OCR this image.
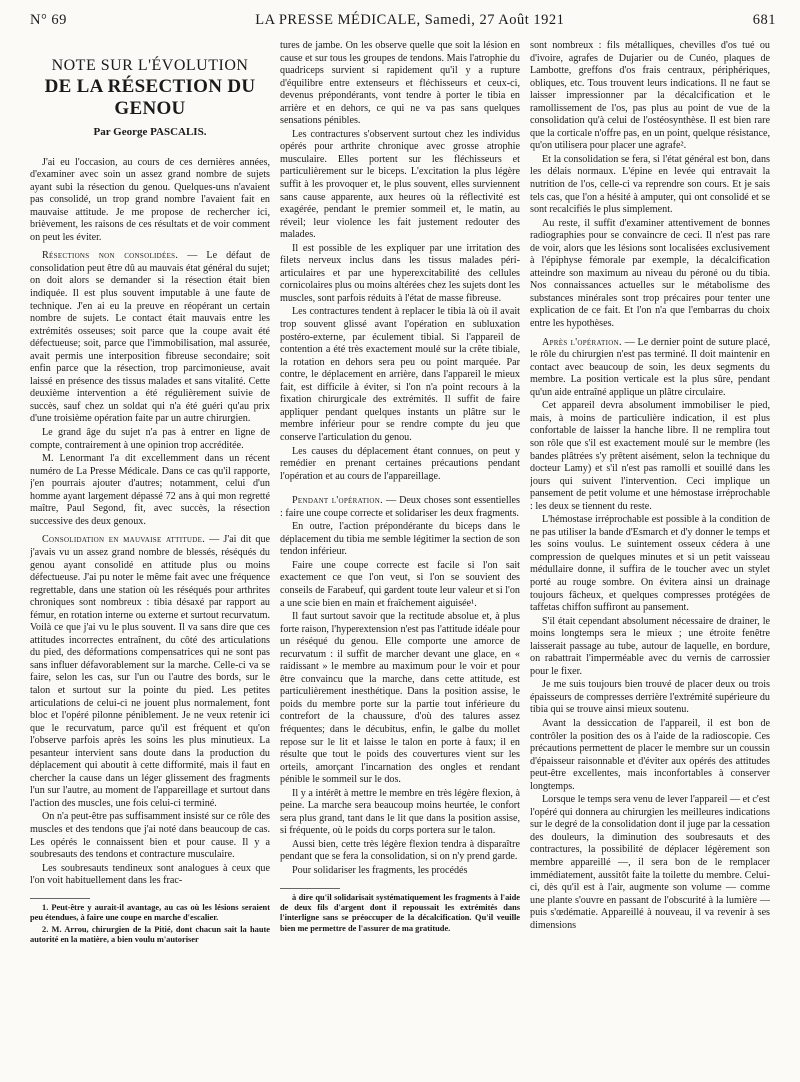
N° 69	LA PRESSE MÉDICALE, Samedi, 27 Août 1921	681
NOTE SUR L'ÉVOLUTION
DE LA RÉSECTION DU GENOU
Par George PASCALIS.

J'ai eu l'occasion, au cours de ces dernières années, d'examiner avec soin un assez grand nombre de sujets ayant subi la résection du genou. Quelques-uns n'avaient pas consolidé, un trop grand nombre l'avaient fait en mauvaise attitude. Je me propose de rechercher ici, brièvement, les raisons de ces résultats et de voir comment on peut les éviter.

Résections non consolidées. — Le défaut de consolidation peut être dû au mauvais état général du sujet; on doit alors se demander si la résection était bien indiquée. Il est plus souvent imputable à une faute de technique. J'en ai eu la preuve en réopérant un certain nombre de sujets. Le contact était mauvais entre les extrémités osseuses; soit parce que la coupe avait été défectueuse; soit, parce que l'immobilisation, mal assurée, avait permis une interposition fibreuse secondaire; soit enfin parce que la résection, trop parcimonieuse, avait laissé en présence des tissus malades et sans vitalité. Cette deuxième intervention a été régulièrement suivie de succès, sauf chez un soldat qui n'a été guéri qu'au prix d'une troisième opération faite par un autre chirurgien.

Le grand âge du sujet n'a pas à entrer en ligne de compte, contrairement à une opinion trop accréditée.

M. Lenormant l'a dit excellemment dans un récent numéro de La Presse Médicale. Dans ce cas qu'il rapporte, j'en pourrais ajouter d'autres; notamment, celui d'un homme ayant largement dépassé 72 ans à qui mon regretté maître, Paul Segond, fit, avec succès, la résection successive des deux genoux.

Consolidation en mauvaise attitude. — J'ai dit que j'avais vu un assez grand nombre de blessés, réséqués du genou ayant consolidé en attitude plus ou moins défectueuse. J'ai pu noter le même fait avec une fréquence regrettable, dans une station où les réséqués pour arthrites chroniques sont nombreux : tibia désaxé par rapport au fémur, en rotation interne ou externe et surtout recurvatum. Voilà ce que j'ai vu le plus souvent. Il va sans dire que ces attitudes incorrectes entraînent, du côté des articulations du pied, des déformations compensatrices qui ne sont pas sans influer défavorablement sur la marche. Celle-ci va se faire, selon les cas, sur l'un ou l'autre des bords, sur le talon et surtout sur la pointe du pied. Les petites articulations de celui-ci ne jouent plus normalement, font bloc et l'opéré pilonne péniblement. Je ne veux retenir ici que le recurvatum, parce qu'il est fréquent et qu'on l'observe parfois après les soins les plus minutieux. La pesanteur intervient sans doute dans la production du déplacement qui aboutit à cette difformité, mais il faut en chercher la cause dans un léger glissement des fragments l'un sur l'autre, au moment de l'appareillage et surtout dans l'action des muscles, une fois celui-ci terminé.

On n'a peut-être pas suffisamment insisté sur ce rôle des muscles et des tendons que j'ai noté dans beaucoup de cas. Les opérés le connaissent bien et pour cause. Il y a soubresauts des tendons et contracture musculaire.

Les soubresauts tendineux sont analogues à ceux que l'on voit habituellement dans les frac-

1. Peut-être y aurait-il avantage, au cas où les lésions seraient peu étendues, à faire une coupe en marche d'escalier.

2. M. Arrou, chirurgien de la Pitié, dont chacun sait la haute autorité en la matière, a bien voulu m'autoriser

tures de jambe. On les observe quelle que soit la lésion en cause et sur tous les groupes de tendons. Mais l'atrophie du quadriceps survient si rapidement qu'il y a rupture d'équilibre entre extenseurs et fléchisseurs et ceux-ci, devenus prépondérants, vont tendre à porter le tibia en arrière et en dehors, ce qui ne va pas sans quelques sensations pénibles.

Les contractures s'observent surtout chez les individus opérés pour arthrite chronique avec grosse atrophie musculaire. Elles portent sur les fléchisseurs et particulièrement sur le biceps. L'excitation la plus légère suffit à les provoquer et, le plus souvent, elles surviennent sans cause apparente, aux heures où la réflectivité est exagérée, pendant le premier sommeil et, le matin, au réveil; leur violence les fait justement redouter des malades.

Il est possible de les expliquer par une irritation des filets nerveux inclus dans les tissus malades péri-articulaires et par une hyperexcitabilité des cellules cornicolaires plus ou moins altérées chez les sujets dont les muscles, sont parfois réduits à l'état de masse fibreuse.

Les contractures tendent à replacer le tibia là où il avait trop souvent glissé avant l'opération en subluxation postéro-externe, par éculement tibial. Si l'appareil de contention a été très exactement moulé sur la crête tibiale, la rotation en dehors sera peu ou point marquée. Par contre, le déplacement en arrière, dans l'appareil le mieux fait, est difficile à éviter, si l'on n'a point recours à la fixation chirurgicale des extrémités. Il suffit de faire appliquer pendant quelques instants un plâtre sur le membre inférieur pour se rendre compte du jeu que conserve l'articulation du genou.

Les causes du déplacement étant connues, on peut y remédier en prenant certaines précautions pendant l'opération et au cours de l'appareillage.

Pendant l'opération. — Deux choses sont essentielles : faire une coupe correcte et solidariser les deux fragments.

En outre, l'action prépondérante du biceps dans le déplacement du tibia me semble légitimer la section de son tendon inférieur.

Faire une coupe correcte est facile si l'on sait exactement ce que l'on veut, si l'on se souvient des conseils de Farabeuf, qui gardent toute leur valeur et si l'on a une scie bien en main et fraîchement aiguisée¹.

Il faut surtout savoir que la rectitude absolue et, à plus forte raison, l'hyperextension n'est pas l'attitude idéale pour un réséqué du genou. Elle comporte une amorce de recurvatum : il suffit de marcher devant une glace, en « raidissant » le membre au maximum pour le voir et pour être convaincu que la marche, dans cette attitude, est particulièrement inesthétique. Dans la position assise, le poids du membre porte sur la partie tout inférieure du contrefort de la chaussure, d'où des talures assez fréquentes; dans le décubitus, enfin, le galbe du mollet repose sur le lit et laisse le talon en porte à faux; il en résulte que tout le poids des couvertures vient sur les orteils, amorçant l'incarnation des ongles et rendant pénible le sommeil sur le dos.

Il y a intérêt à mettre le membre en très légère flexion, à peine. La marche sera beaucoup moins heurtée, le confort sera plus grand, tant dans le lit que dans la position assise, si fréquente, où le poids du corps portera sur le talon.

Aussi bien, cette très légère flexion tendra à disparaître pendant que se fera la consolidation, si on n'y prend garde.

Pour solidariser les fragments, les procédés

à dire qu'il solidarisait systématiquement les fragments à l'aide de deux fils d'argent dont il repoussait les extrémités dans l'interligne sans se préoccuper de la décalcification. Qu'il veuille bien me permettre de l'assurer de ma gratitude.

sont nombreux : fils métalliques, chevilles d'os tué ou d'ivoire, agrafes de Dujarier ou de Cunéo, plaques de Lambotte, greffons d'os frais centraux, périphériques, obliques, etc. Tous trouvent leurs indications. Il ne faut se laisser impressionner par la décalcification et le ramollissement de l'os, pas plus au point de vue de la consolidation qu'à celui de l'ostéosynthèse. Il est bien rare que la corticale n'offre pas, en un point, quelque résistance, qu'on utilisera pour placer une agrafe².

Et la consolidation se fera, si l'état général est bon, dans les délais normaux. L'épine en levée qui entravait la nutrition de l'os, celle-ci va reprendre son cours. Et je sais tels cas, que l'on a hésité à amputer, qui ont consolidé et se sont recalcifiés le plus simplement.

Au reste, il suffit d'examiner attentivement de bonnes radiographies pour se convaincre de ceci. Il n'est pas rare de voir, alors que les lésions sont localisées exclusivement à l'épiphyse fémorale par exemple, la décalcification atteindre son maximum au niveau du péroné ou du tibia. Nos connaissances actuelles sur le métabolisme des substances minérales sont trop précaires pour tenter une explication de ce fait. Et l'on n'a que l'embarras du choix entre les hypothèses.

Après l'opération. — Le dernier point de suture placé, le rôle du chirurgien n'est pas terminé. Il doit maintenir en contact avec beaucoup de soin, les deux segments du membre. La position verticale est la plus sûre, pendant qu'un aide entraîné applique un plâtre circulaire.

Cet appareil devra absolument immobiliser le pied, mais, à moins de particulière indication, il est plus confortable de laisser la hanche libre. Il ne remplira tout son rôle que s'il est exactement moulé sur le membre (les bandes plâtrées s'y prêtent aisément, selon la technique du docteur Lamy) et s'il n'est pas ramolli et souillé dans les jours qui suivent l'intervention. Ceci implique un pansement de petit volume et une hémostase irréprochable : les deux se tiennent du reste.

L'hémostase irréprochable est possible à la condition de ne pas utiliser la bande d'Esmarch et d'y donner le temps et les soins voulus. Le suintement osseux cédera à une compression de quelques minutes et si un petit vaisseau médullaire donne, il suffira de le toucher avec un stylet porté au rouge sombre. On évitera ainsi un drainage toujours fâcheux, et quelques compresses protégées de taffetas chiffon suffiront au pansement.

S'il était cependant absolument nécessaire de drainer, le moins longtemps sera le mieux ; une étroite fenêtre laisserait passage au tube, autour de laquelle, en bordure, on rabattrait l'imperméable avec du vernis de carrossier pour le fixer.

Je me suis toujours bien trouvé de placer deux ou trois épaisseurs de compresses derrière l'extrémité supérieure du tibia qui se trouve ainsi mieux soutenu.

Avant la dessiccation de l'appareil, il est bon de contrôler la position des os à l'aide de la radioscopie. Ces précautions permettent de placer le membre sur un coussin d'épaisseur raisonnable et d'éviter aux opérés des attitudes peut-être excellentes, mais inconfortables à conserver longtemps.

Lorsque le temps sera venu de lever l'appareil — et c'est l'opéré qui donnera au chirurgien les meilleures indications sur le degré de la consolidation dont il juge par la cessation des douleurs, la diminution des soubresauts et des contractures, la possibilité de déplacer légèrement son membre appareillé —, il sera bon de le remplacer immédiatement, aussitôt faite la toilette du membre. Celui-ci, dès qu'il est à l'air, augmente son volume — comme une plante s'ouvre en passant de l'obscurité à la lumière — puis s'œdématie. Appareillé à nouveau, il va revenir à ses dimensions
